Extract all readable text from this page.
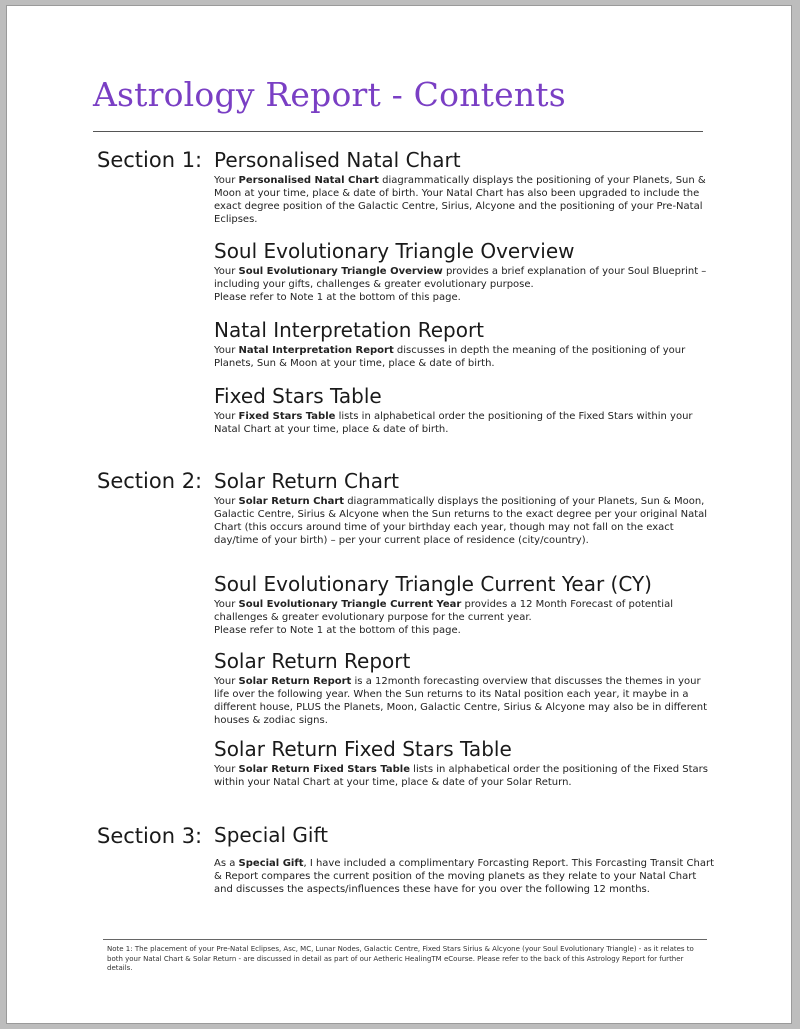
Astrology Report - Contents
Section 1: Personalised Natal Chart

Your Personalised Natal Chart diagrammatically displays the positioning of your Planets, Sun & Moon at your time, place & date of birth. Your Natal Chart has also been upgraded to include the exact degree position of the Galactic Centre, Sirius, Alcyone and the positioning of your Pre-Natal Eclipses.

Soul Evolutionary Triangle Overview

Your Soul Evolutionary Triangle Overview provides a brief explanation of your Soul Blueprint – including your gifts, challenges & greater evolutionary purpose.
Please refer to Note 1 at the bottom of this page.

Natal Interpretation Report

Your Natal Interpretation Report discusses in depth the meaning of the positioning of your Planets, Sun & Moon at your time, place & date of birth.

Fixed Stars Table

Your Fixed Stars Table lists in alphabetical order the positioning of the Fixed Stars within your Natal Chart at your time, place & date of birth.

Section 2: Solar Return Chart

Your Solar Return Chart diagrammatically displays the positioning of your Planets, Sun & Moon, Galactic Centre, Sirius & Alcyone when the Sun returns to the exact degree per your original Natal Chart (this occurs around time of your birthday each year, though may not fall on the exact day/time of your birth) – per your current place of residence (city/country).

Soul Evolutionary Triangle Current Year (CY)

Your Soul Evolutionary Triangle Current Year provides a 12 Month Forecast of potential challenges & greater evolutionary purpose for the current year.
Please refer to Note 1 at the bottom of this page.

Solar Return Report

Your Solar Return Report is a 12month forecasting overview that discusses the themes in your life over the following year. When the Sun returns to its Natal position each year, it maybe in a different house, PLUS the Planets, Moon, Galactic Centre, Sirius & Alcyone may also be in different houses & zodiac signs.

Solar Return Fixed Stars Table

Your Solar Return Fixed Stars Table lists in alphabetical order the positioning of the Fixed Stars within your Natal Chart at your time, place & date of your Solar Return.

Section 3: Special Gift

As a Special Gift, I have included a complimentary Forcasting Report. This Forcasting Transit Chart & Report compares the current position of the moving planets as they relate to your Natal Chart and discusses the aspects/influences these have for you over the following 12 months.

Note 1: The placement of your Pre-Natal Eclipses, Asc, MC, Lunar Nodes, Galactic Centre, Fixed Stars Sirius & Alcyone (your Soul Evolutionary Triangle) - as it relates to both your Natal Chart & Solar Return - are discussed in detail as part of our Aetheric HealingTM eCourse. Please refer to the back of this Astrology Report for further details.
